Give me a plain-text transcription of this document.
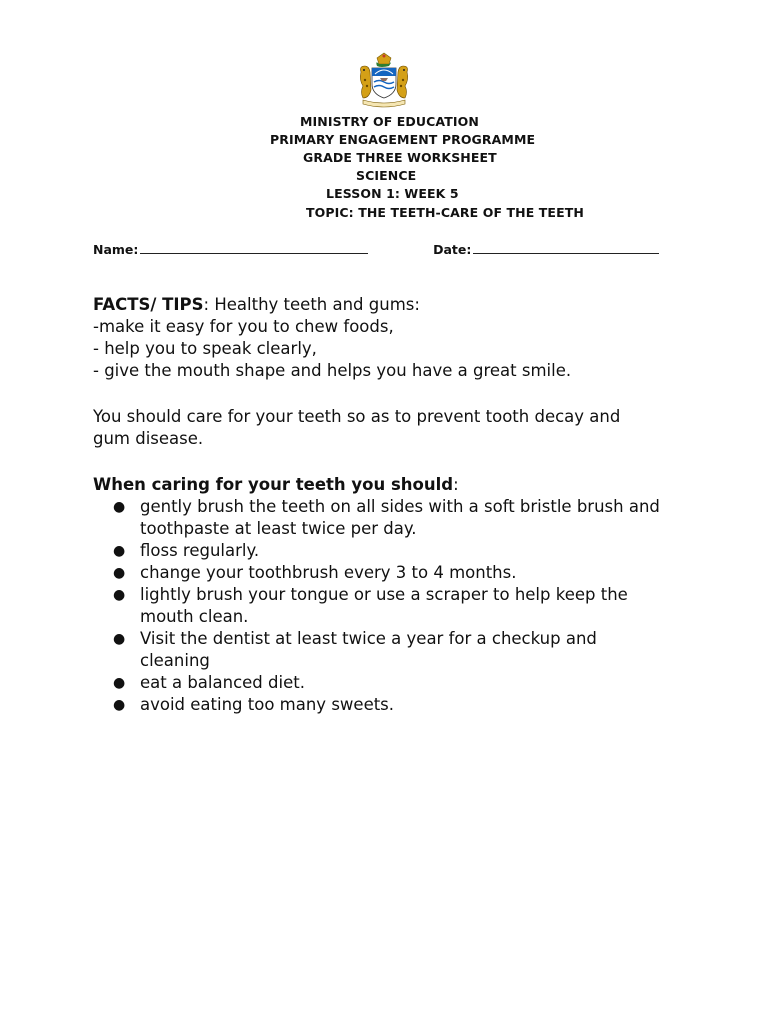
MINISTRY OF EDUCATION
PRIMARY ENGAGEMENT PROGRAMME
GRADE THREE WORKSHEET
SCIENCE
LESSON 1: WEEK 5
TOPIC: THE TEETH-CARE OF THE TEETH
Name:	Date:
FACTS/ TIPS: Healthy teeth and gums:
-make it easy for you to chew foods,
- help you to speak clearly,
- give the mouth shape and helps you have a great smile.
You should care for your teeth so as to prevent tooth decay and
gum disease.
When caring for your teeth you should:
● gently brush the teeth on all sides with a soft bristle brush and toothpaste at least twice per day.
● floss regularly.
● change your toothbrush every 3 to 4 months.
● lightly brush your tongue or use a scraper to help keep the mouth clean.
● Visit the dentist at least twice a year for a checkup and cleaning
● eat a balanced diet.
● avoid eating too many sweets.
